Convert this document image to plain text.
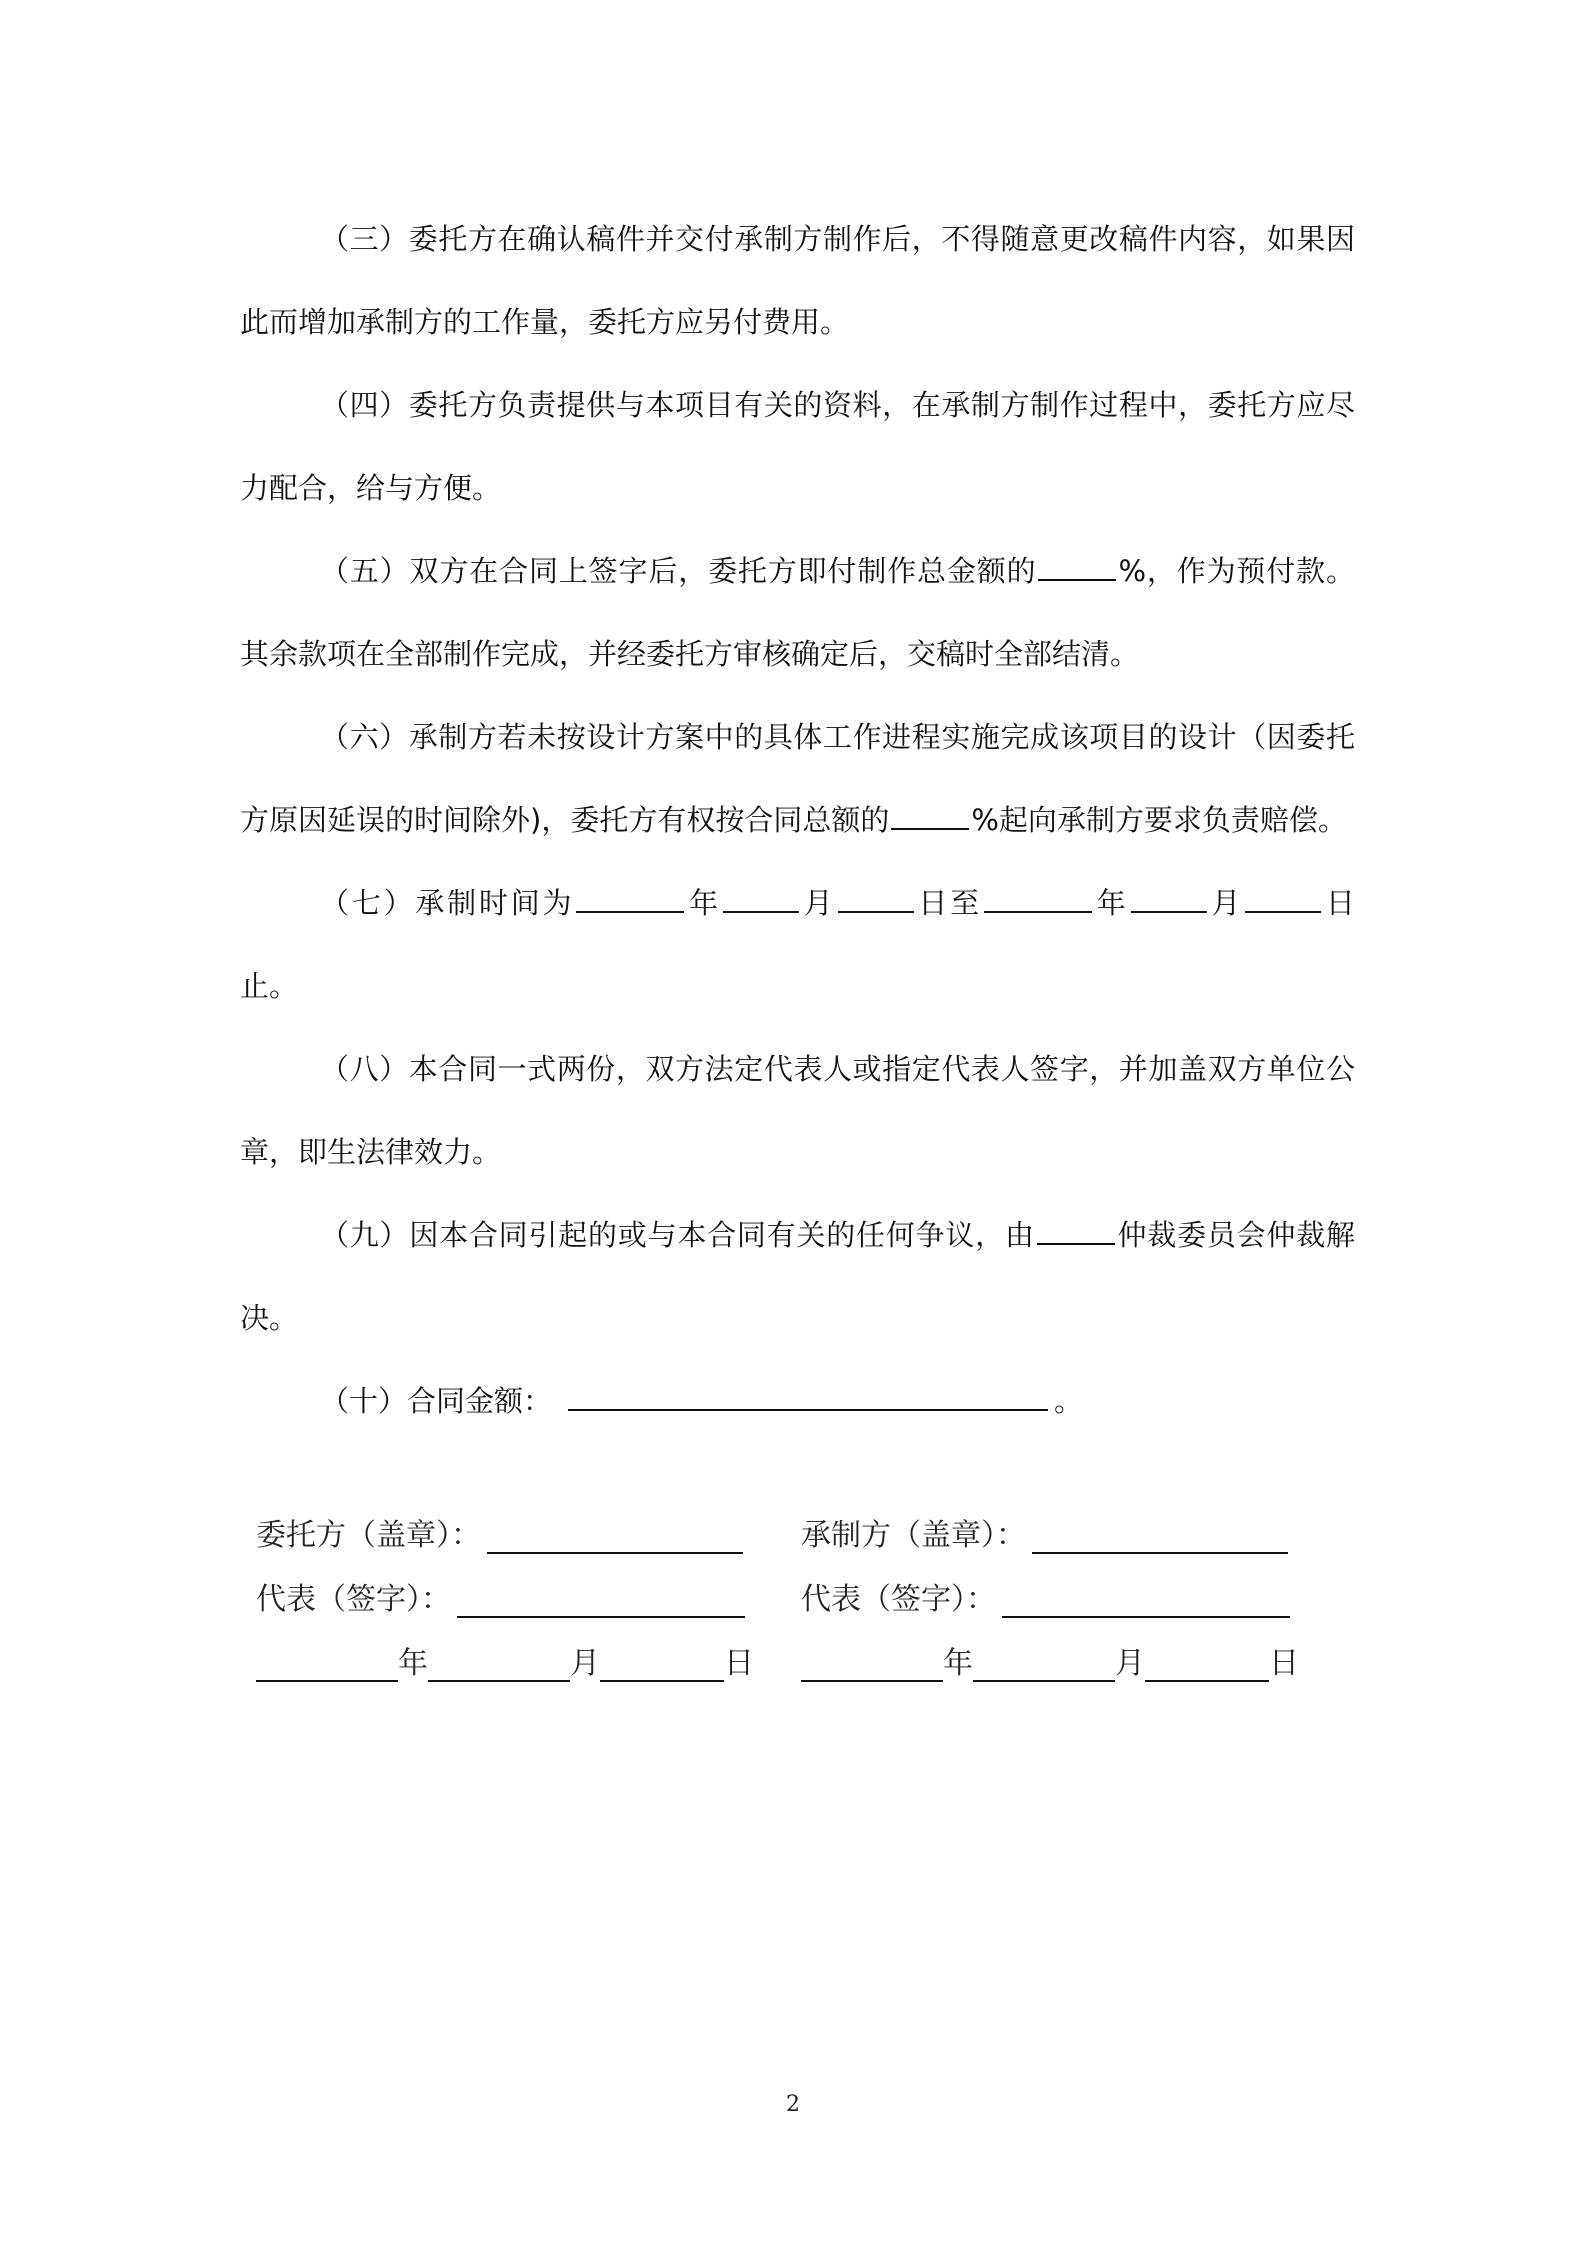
（三）委托方在确认稿件并交付承制方制作后，不得随意更改稿件内容，如果因此而增加承制方的工作量，委托方应另付费用。

（四）委托方负责提供与本项目有关的资料，在承制方制作过程中，委托方应尽力配合，给与方便。

（五）双方在合同上签字后，委托方即付制作总金额的	%，作为预付款。其余款项在全部制作完成，并经委托方审核确定后，交稿时全部结清。

（六）承制方若未按设计方案中的具体工作进程实施完成该项目的设计（因委托方原因延误的时间除外)，委托方有权按合同总额的	%起向承制方要求负责赔偿。

（七）承制时间为	年	月	日至	年	月	日止。

（八）本合同一式两份，双方法定代表人或指定代表人签字，并加盖双方单位公章，即生法律效力。

（九）因本合同引起的或与本合同有关的任何争议，由	仲裁委员会仲裁解决。

（十）合同金额：	。

委托方（盖章）：	承制方（盖章）：
代表（签字）：	代表（签字）：
年	月	日	年	月	日
2
